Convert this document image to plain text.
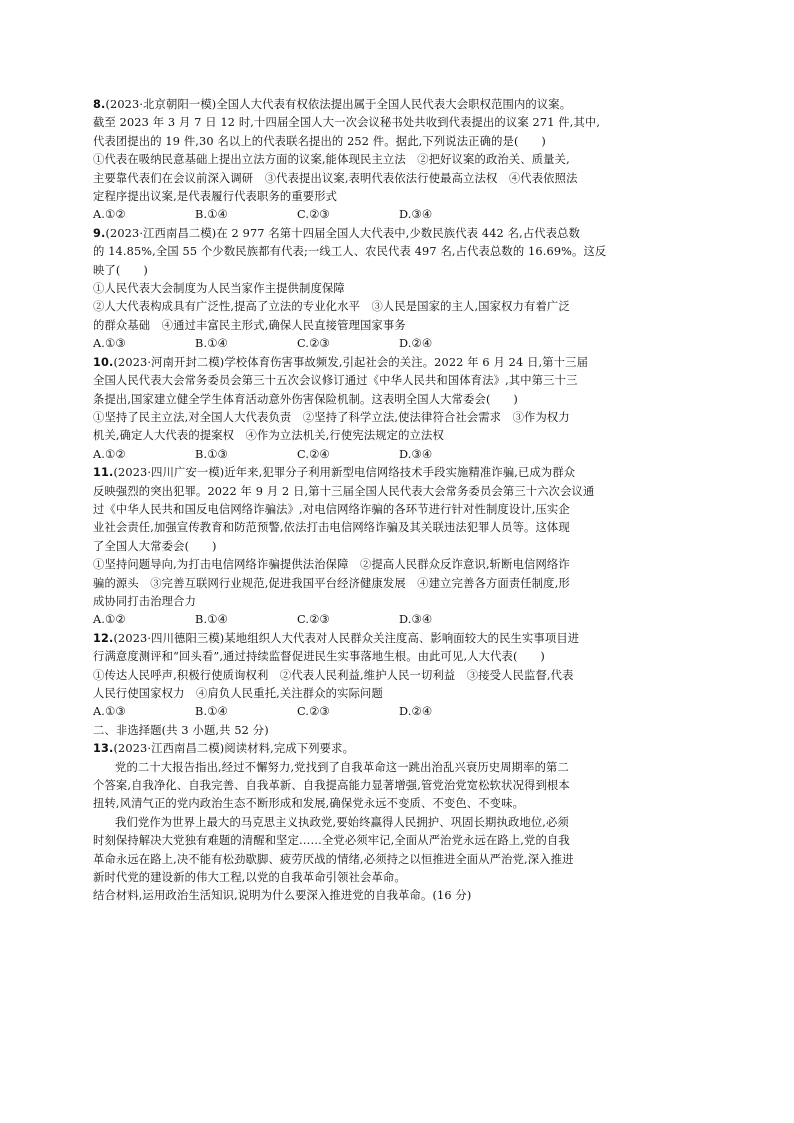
8.(2023·北京朝阳一模)全国人大代表有权依法提出属于全国人民代表大会职权范围内的议案。
截至 2023 年 3 月 7 日 12 时,十四届全国人大一次会议秘书处共收到代表提出的议案 271 件,其中,
代表团提出的 19 件,30 名以上的代表联名提出的 252 件。据此,下列说法正确的是(　　)
①代表在吸纳民意基础上提出立法方面的议案,能体现民主立法　②把好议案的政治关、质量关,
主要靠代表们在会议前深入调研　③代表提出议案,表明代表依法行使最高立法权　④代表依照法
定程序提出议案,是代表履行代表职务的重要形式
A.①②	B.①④	C.②③	D.③④
9.(2023·江西南昌二模)在 2 977 名第十四届全国人大代表中,少数民族代表 442 名,占代表总数
的 14.85%,全国 55 个少数民族都有代表;一线工人、农民代表 497 名,占代表总数的 16.69%。这反
映了(　　)
①人民代表大会制度为人民当家作主提供制度保障
②人大代表构成具有广泛性,提高了立法的专业化水平　③人民是国家的主人,国家权力有着广泛
的群众基础　④通过丰富民主形式,确保人民直接管理国家事务
A.①③	B.①④	C.②③	D.②④
10.(2023·河南开封二模)学校体育伤害事故频发,引起社会的关注。2022 年 6 月 24 日,第十三届
全国人民代表大会常务委员会第三十五次会议修订通过《中华人民共和国体育法》,其中第三十三
条提出,国家建立健全学生体育活动意外伤害保险机制。这表明全国人大常委会(　　)
①坚持了民主立法,对全国人大代表负责　②坚持了科学立法,使法律符合社会需求　③作为权力
机关,确定人大代表的提案权　④作为立法机关,行使宪法规定的立法权
A.①②	B.①③	C.②④	D.③④
11.(2023·四川广安一模)近年来,犯罪分子利用新型电信网络技术手段实施精准诈骗,已成为群众
反映强烈的突出犯罪。2022 年 9 月 2 日,第十三届全国人民代表大会常务委员会第三十六次会议通
过《中华人民共和国反电信网络诈骗法》,对电信网络诈骗的各环节进行针对性制度设计,压实企
业社会责任,加强宣传教育和防范预警,依法打击电信网络诈骗及其关联违法犯罪人员等。这体现
了全国人大常委会(　　)
①坚持问题导向,为打击电信网络诈骗提供法治保障　②提高人民群众反诈意识,斩断电信网络诈
骗的源头　③完善互联网行业规范,促进我国平台经济健康发展　④建立完善各方面责任制度,形
成协同打击治理合力
A.①②	B.①④	C.②③	D.③④
12.(2023·四川德阳三模)某地组织人大代表对人民群众关注度高、影响面较大的民生实事项目进
行满意度测评和“回头看”,通过持续监督促进民生实事落地生根。由此可见,人大代表(　　)
①传达人民呼声,积极行使质询权利　②代表人民利益,维护人民一切利益　③接受人民监督,代表
人民行使国家权力　④肩负人民重托,关注群众的实际问题
A.①③	B.①④	C.②③	D.②④
二、非选择题(共 3 小题,共 52 分)
13.(2023·江西南昌二模)阅读材料,完成下列要求。
党的二十大报告指出,经过不懈努力,党找到了自我革命这一跳出治乱兴衰历史周期率的第二
个答案,自我净化、自我完善、自我革新、自我提高能力显著增强,管党治党宽松软状况得到根本
扭转,风清气正的党内政治生态不断形成和发展,确保党永远不变质、不变色、不变味。
我们党作为世界上最大的马克思主义执政党,要始终赢得人民拥护、巩固长期执政地位,必须
时刻保持解决大党独有难题的清醒和坚定……全党必须牢记,全面从严治党永远在路上,党的自我
革命永远在路上,决不能有松劲歇脚、疲劳厌战的情绪,必须持之以恒推进全面从严治党,深入推进
新时代党的建设新的伟大工程,以党的自我革命引领社会革命。
结合材料,运用政治生活知识,说明为什么要深入推进党的自我革命。(16 分)
